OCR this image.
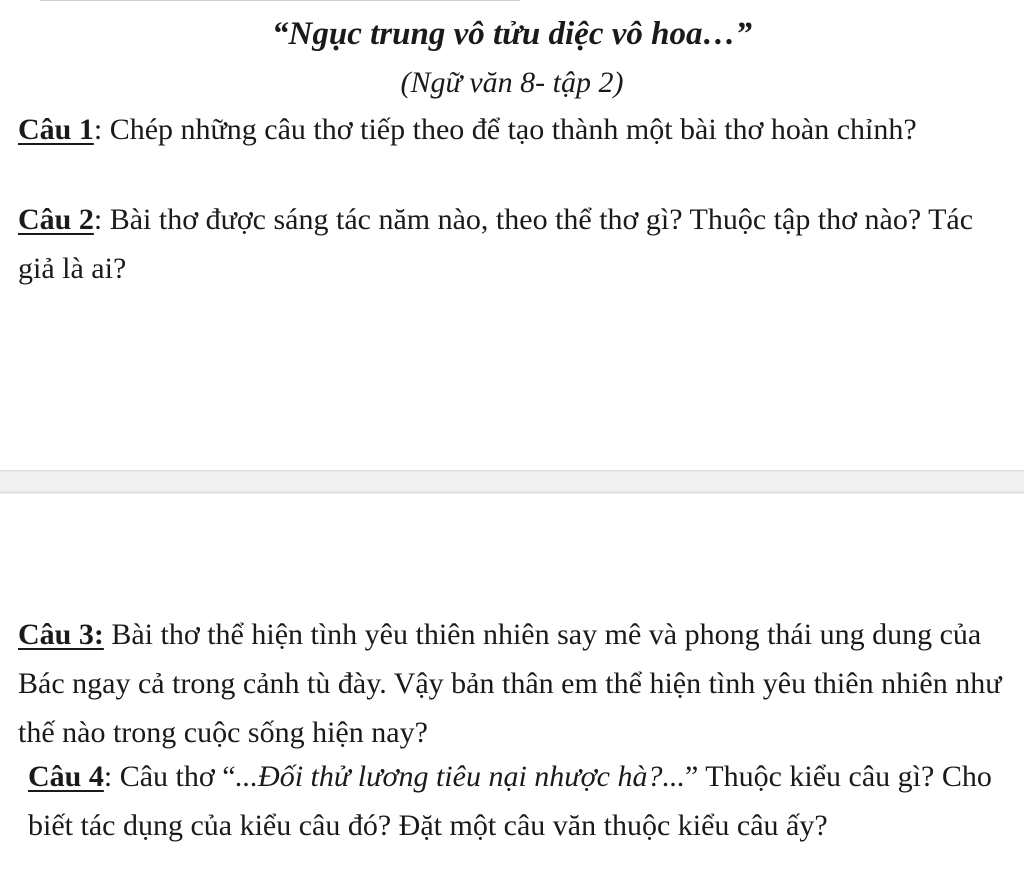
“Ngục trung vô tửu diệc vô hoa…”
(Ngữ văn 8- tập 2)

Câu 1: Chép những câu thơ tiếp theo để tạo thành một bài thơ hoàn chỉnh?

Câu 2: Bài thơ được sáng tác năm nào, theo thể thơ gì? Thuộc tập thơ nào? Tác giả là ai?

Câu 3: Bài thơ thể hiện tình yêu thiên nhiên say mê và phong thái ung dung của Bác ngay cả trong cảnh tù đày. Vậy bản thân em thể hiện tình yêu thiên nhiên như thế nào trong cuộc sống hiện nay?

Câu 4: Câu thơ “...Đối thử lương tiêu nại nhược hà?...” Thuộc kiểu câu gì? Cho biết tác dụng của kiểu câu đó? Đặt một câu văn thuộc kiểu câu ấy?
